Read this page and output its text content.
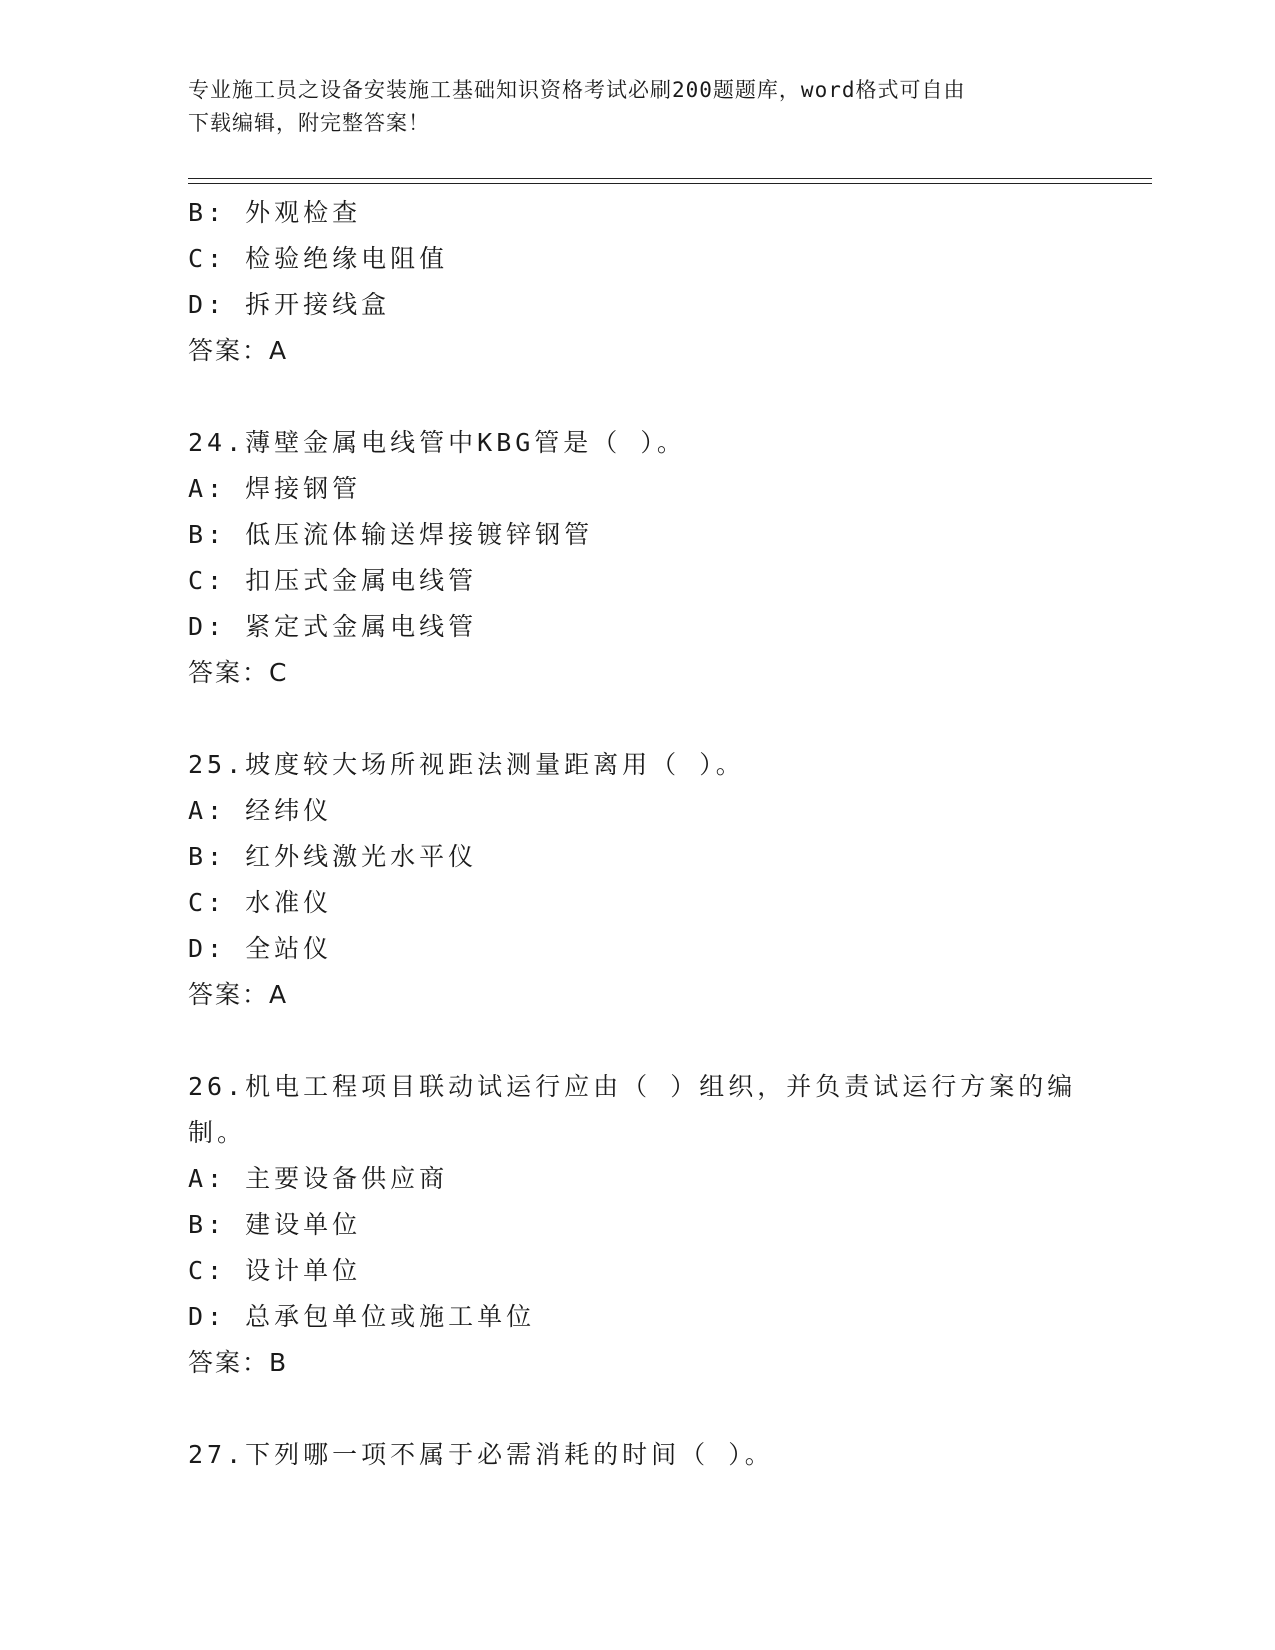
专业施工员之设备安装施工基础知识资格考试必刷200题题库，word格式可自由
下载编辑，附完整答案！
B: 外观检查
C: 检验绝缘电阻值
D: 拆开接线盒
答案：A
24.薄壁金属电线管中KBG管是（ ）。
A: 焊接钢管
B: 低压流体输送焊接镀锌钢管
C: 扣压式金属电线管
D: 紧定式金属电线管
答案：C
25.坡度较大场所视距法测量距离用（ ）。
A: 经纬仪
B: 红外线激光水平仪
C: 水准仪
D: 全站仪
答案：A
26.机电工程项目联动试运行应由（ ）组织，并负责试运行方案的编
制。
A: 主要设备供应商
B: 建设单位
C: 设计单位
D: 总承包单位或施工单位
答案：B
27.下列哪一项不属于必需消耗的时间（ ）。
